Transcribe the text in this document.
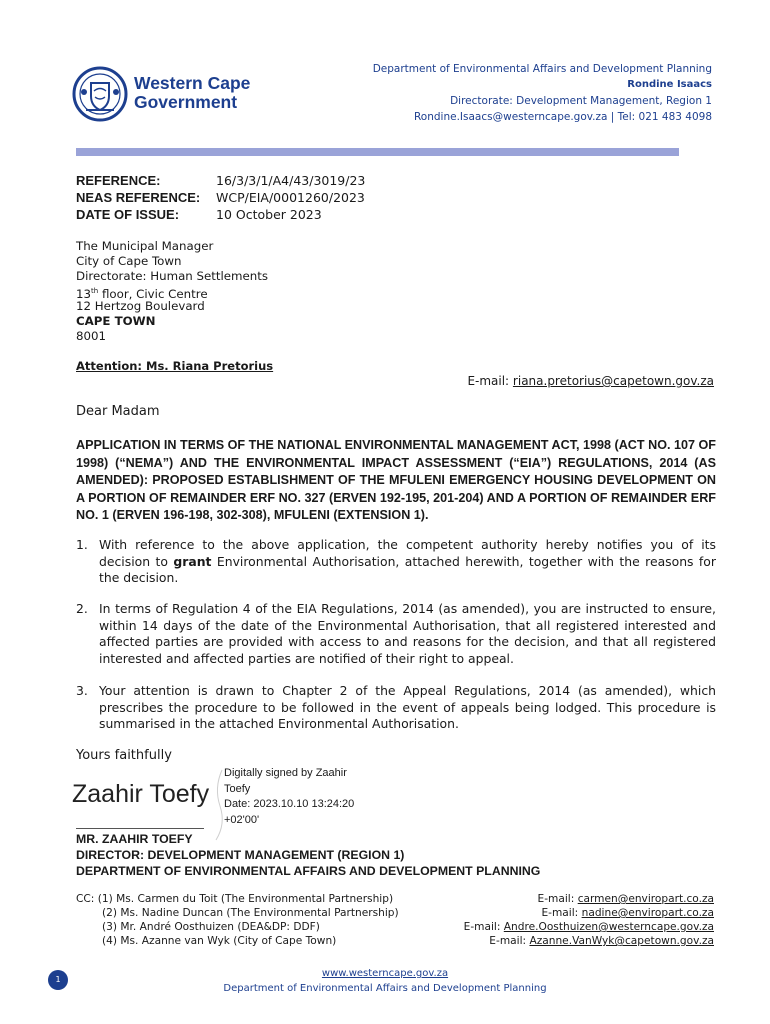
Western Cape
Government
Department of Environmental Affairs and Development Planning
Rondine Isaacs
Directorate: Development Management, Region 1
Rondine.Isaacs@westerncape.gov.za | Tel: 021 483 4098
REFERENCE:	16/3/3/1/A4/43/3019/23
NEAS REFERENCE: WCP/EIA/0001260/2023
DATE OF ISSUE:	10 October 2023
The Municipal Manager
City of Cape Town
Directorate: Human Settlements
13th floor, Civic Centre
12 Hertzog Boulevard
CAPE TOWN
8001
Attention: Ms. Riana Pretorius
E-mail: riana.pretorius@capetown.gov.za
Dear Madam
APPLICATION IN TERMS OF THE NATIONAL ENVIRONMENTAL MANAGEMENT ACT, 1998 (ACT NO. 107 OF 1998) (“NEMA”) AND THE ENVIRONMENTAL IMPACT ASSESSMENT (“EIA”) REGULATIONS, 2014 (AS AMENDED): PROPOSED ESTABLISHMENT OF THE MFULENI EMERGENCY HOUSING DEVELOPMENT ON A PORTION OF REMAINDER ERF NO. 327 (ERVEN 192-195, 201-204) AND A PORTION OF REMAINDER ERF NO. 1 (ERVEN 196-198, 302-308), MFULENI (EXTENSION 1).
1. With reference to the above application, the competent authority hereby notifies you of its decision to grant Environmental Authorisation, attached herewith, together with the reasons for the decision.
2. In terms of Regulation 4 of the EIA Regulations, 2014 (as amended), you are instructed to ensure, within 14 days of the date of the Environmental Authorisation, that all registered interested and affected parties are provided with access to and reasons for the decision, and that all registered interested and affected parties are notified of their right to appeal.
3. Your attention is drawn to Chapter 2 of the Appeal Regulations, 2014 (as amended), which prescribes the procedure to be followed in the event of appeals being lodged. This procedure is summarised in the attached Environmental Authorisation.
Yours faithfully
Zaahir Toefy
Digitally signed by Zaahir
Toefy
Date: 2023.10.10 13:24:20
+02'00'
MR. ZAAHIR TOEFY
DIRECTOR: DEVELOPMENT MANAGEMENT (REGION 1)
DEPARTMENT OF ENVIRONMENTAL AFFAIRS AND DEVELOPMENT PLANNING
CC: (1) Ms. Carmen du Toit (The Environmental Partnership)	E-mail: carmen@enviropart.co.za
(2) Ms. Nadine Duncan (The Environmental Partnership)	E-mail: nadine@enviropart.co.za
(3) Mr. André Oosthuizen (DEA&DP: DDF)	E-mail: Andre.Oosthuizen@westerncape.gov.za
(4) Ms. Azanne van Wyk (City of Cape Town)	E-mail: Azanne.VanWyk@capetown.gov.za
1
www.westerncape.gov.za
Department of Environmental Affairs and Development Planning
